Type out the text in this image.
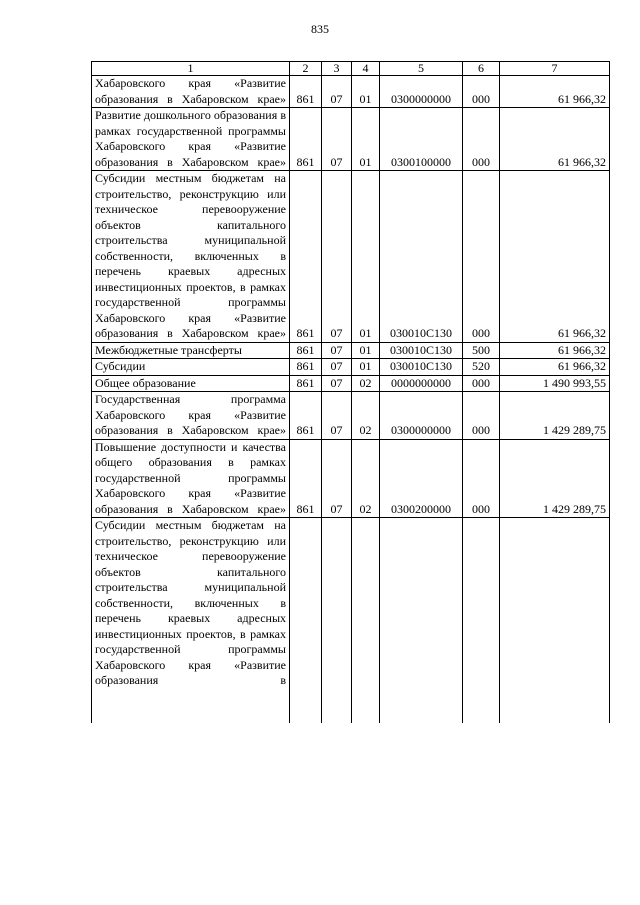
835
1	2	3	4	5	6	7
Хабаровского края «Развитие образования в Хабаровском крае»	861	07	01	0300000000	000	61 966,32
Развитие дошкольного образования в рамках государственной программы Хабаровского края «Развитие образования в Хабаровском крае»	861	07	01	0300100000	000	61 966,32
Субсидии местным бюджетам на строительство, реконструкцию или техническое перевооружение объектов капитального строительства муниципальной собственности, включенных в перечень краевых адресных инвестиционных проектов, в рамках государственной программы Хабаровского края «Развитие образования в Хабаровском крае»	861	07	01	030010С130	000	61 966,32
Межбюджетные трансферты	861	07	01	030010С130	500	61 966,32
Субсидии	861	07	01	030010С130	520	61 966,32
Общее образование	861	07	02	0000000000	000	1 490 993,55
Государственная программа Хабаровского края «Развитие образования в Хабаровском крае»	861	07	02	0300000000	000	1 429 289,75
Повышение доступности и качества общего образования в рамках государственной программы Хабаровского края «Развитие образования в Хабаровском крае»	861	07	02	0300200000	000	1 429 289,75
Субсидии местным бюджетам на строительство, реконструкцию или техническое перевооружение объектов капитального строительства муниципальной собственности, включенных в перечень краевых адресных инвестиционных проектов, в рамках государственной программы Хабаровского края «Развитие образования в						
